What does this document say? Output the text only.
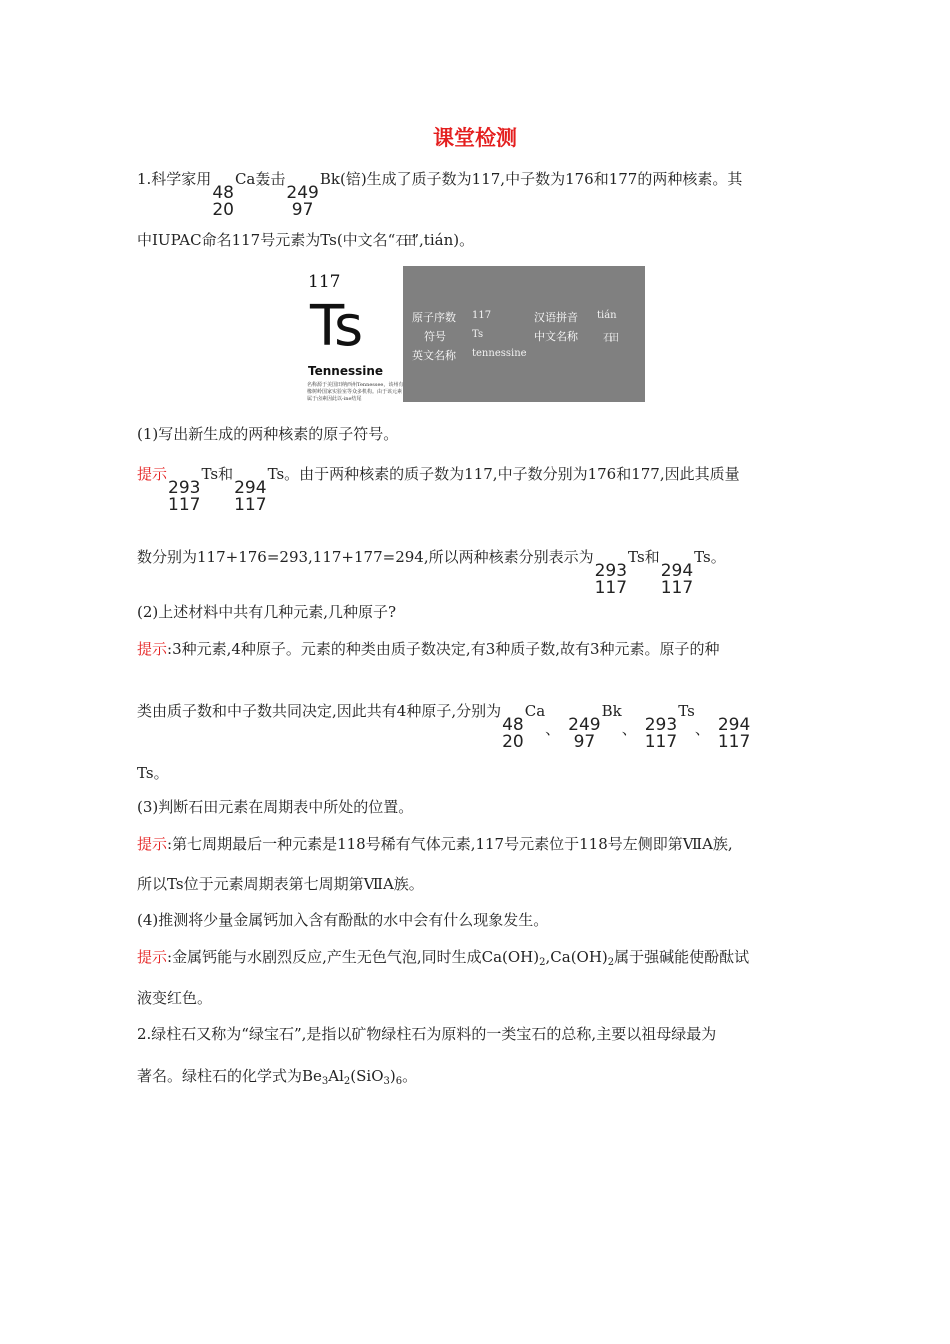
课堂检测
1.科学家用
48
20
Ca轰击
249
97
Bk(锫)生成了质子数为117,中子数为176和177的两种核素。其
中IUPAC命名117号元素为Ts(中文名“石田”,tián)。
117
Ts
Tennessine
名称源于美国田纳西州Tennessee，该州有橡树岭国家实验室等众多机构。由于该元素属于卤素因此以-ine结尾
原子序数 117	汉语拼音 tián
符号	Ts	中文名称	石田
英文名称 tennessine
(1)写出新生成的两种核素的原子符号。
提示
293
117
Ts和
294
117
Ts。由于两种核素的质子数为117,中子数分别为176和177,因此其质量
数分别为117+176=293,117+177=294,所以两种核素分别表示为
293
117
Ts和
294
117
Ts。
(2)上述材料中共有几种元素,几种原子?
提示:3种元素,4种原子。元素的种类由质子数决定,有3种质子数,故有3种元素。原子的种
类由质子数和中子数共同决定,因此共有4种原子,分别为
48
20
Ca、 249
97
Bk、 293
117
Ts、 294
117
Ts。
(3)判断石田元素在周期表中所处的位置。
提示:第七周期最后一种元素是118号稀有气体元素,117号元素位于118号左侧即第ⅦA族,
所以Ts位于元素周期表第七周期第ⅦA族。
(4)推测将少量金属钙加入含有酚酞的水中会有什么现象发生。
提示:金属钙能与水剧烈反应,产生无色气泡,同时生成$Ca(OH)_2,Ca(OH)_2$属于强碱能使酚酞试
液变红色。
2.绿柱石又称为“绿宝石”,是指以矿物绿柱石为原料的一类宝石的总称,主要以祖母绿最为
著名。绿柱石的化学式为$Be_3Al_2(SiO_3)_6$。
